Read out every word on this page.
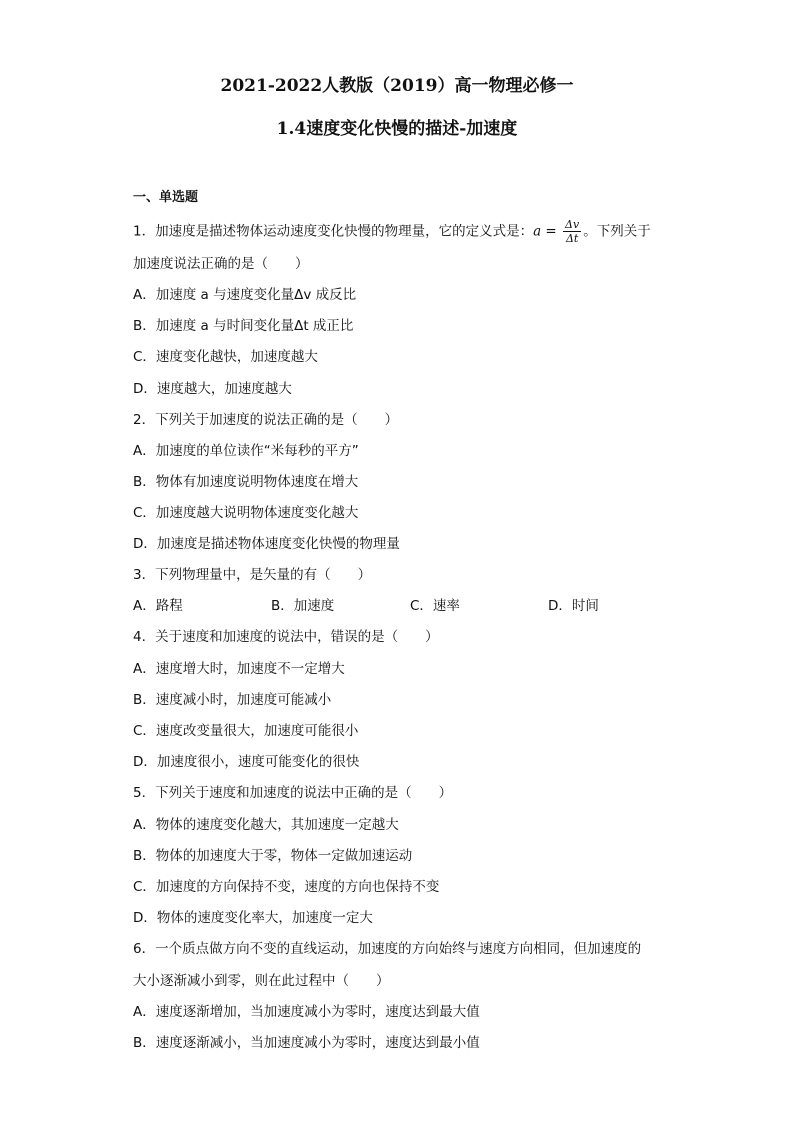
2021-2022人教版（2019）高一物理必修一
1.4速度变化快慢的描述-加速度
一、单选题
1．加速度是描述物体运动速度变化快慢的物理量，它的定义式是：$a = \frac{\Delta v}{\Delta t}$ 。下列关于
加速度说法正确的是（　　）
A．加速度 a 与速度变化量Δv 成反比
B．加速度 a 与时间变化量Δt 成正比
C．速度变化越快，加速度越大
D．速度越大，加速度越大
2．下列关于加速度的说法正确的是（　　）
A．加速度的单位读作“米每秒的平方”
B．物体有加速度说明物体速度在增大
C．加速度越大说明物体速度变化越大
D．加速度是描述物体速度变化快慢的物理量
3．下列物理量中，是矢量的有（　　）
A．路程	B．加速度	C．速率	D．时间
4．关于速度和加速度的说法中，错误的是（　　）
A．速度增大时，加速度不一定增大
B．速度减小时，加速度可能减小
C．速度改变量很大，加速度可能很小
D．加速度很小，速度可能变化的很快
5．下列关于速度和加速度的说法中正确的是（　　）
A．物体的速度变化越大，其加速度一定越大
B．物体的加速度大于零，物体一定做加速运动
C．加速度的方向保持不变，速度的方向也保持不变
D．物体的速度变化率大，加速度一定大
6．一个质点做方向不变的直线运动，加速度的方向始终与速度方向相同，但加速度的
大小逐渐减小到零，则在此过程中（　　）
A．速度逐渐增加，当加速度减小为零时，速度达到最大值
B．速度逐渐减小，当加速度减小为零时，速度达到最小值
